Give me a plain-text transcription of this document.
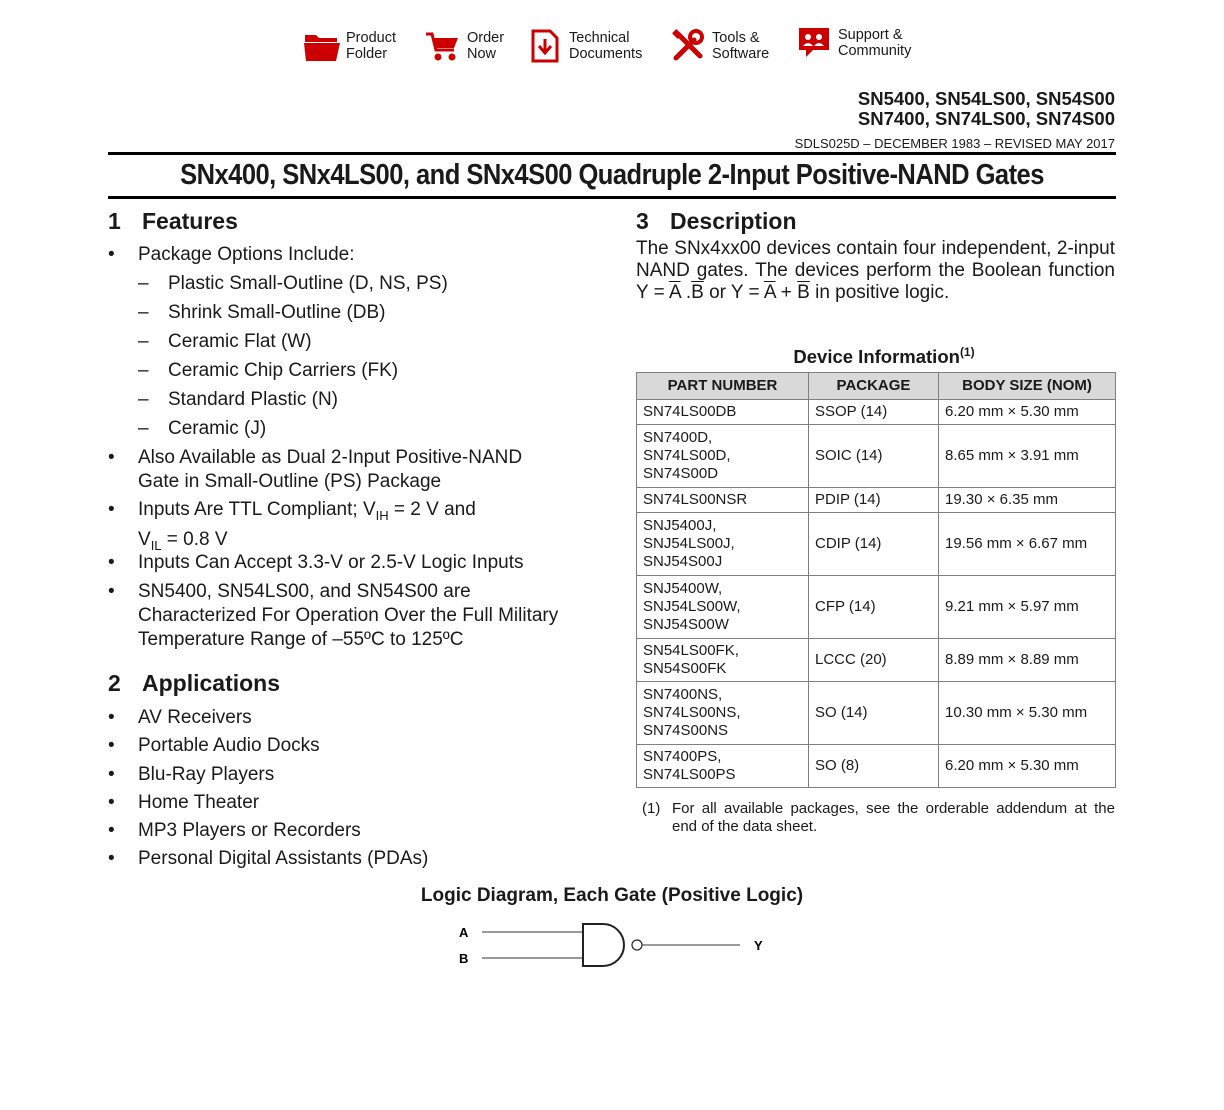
Product
Folder
Order
Now
Technical
Documents
Tools &
Software
Support &
Community
SN5400, SN54LS00, SN54S00
SN7400, SN74LS00, SN74S00
SDLS025D – DECEMBER 1983 – REVISED MAY 2017
SNx400, SNx4LS00, and SNx4S00 Quadruple 2-Input Positive-NAND Gates
1 Features
• Package Options Include:
– Plastic Small-Outline (D, NS, PS)
– Shrink Small-Outline (DB)
– Ceramic Flat (W)
– Ceramic Chip Carriers (FK)
– Standard Plastic (N)
– Ceramic (J)
• Also Available as Dual 2-Input Positive-NAND
Gate in Small-Outline (PS) Package
• Inputs Are TTL Compliant; $V_{IH} = 2$ V and
$V_{IL} = 0.8$ V
• Inputs Can Accept 3.3-V or 2.5-V Logic Inputs
• SN5400, SN54LS00, and SN54S00 are
Characterized For Operation Over the Full Military
Temperature Range of –55ºC to 125ºC
2 Applications
• AV Receivers
• Portable Audio Docks
• Blu-Ray Players
• Home Theater
• MP3 Players or Recorders
• Personal Digital Assistants (PDAs)
3 Description
The SNx4xx00 devices contain four independent, 2-input NAND gates. The devices perform the Boolean function $Y = \overline{A}$ $.\overline{B}$ or $Y = \overline{A} + \overline{B}$ in positive logic.
Device Information$^{(1)}$
PART NUMBER	PACKAGE	BODY SIZE (NOM)

SN74LS00DB	SSOP (14)	6.20 mm × 5.30 mm

SN7400D,
SN74LS00D,
SN74S00D	SOIC (14)	8.65 mm × 3.91 mm

SN74LS00NSR	PDIP (14)	19.30 × 6.35 mm

SNJ5400J,
SNJ54LS00J,
SNJ54S00J	CDIP (14)	19.56 mm × 6.67 mm

SNJ5400W,
SNJ54LS00W,
SNJ54S00W	CFP (14)	9.21 mm × 5.97 mm

SN54LS00FK,
SN54S00FK	LCCC (20)	8.89 mm × 8.89 mm

SN7400NS,
SN74LS00NS,
SN74S00NS	SO (14)	10.30 mm × 5.30 mm

SN7400PS,
SN74LS00PS	SO (8)	6.20 mm × 5.30 mm
(1) For all available packages, see the orderable addendum at the end of the data sheet.
Logic Diagram, Each Gate (Positive Logic)
A
B
Y
